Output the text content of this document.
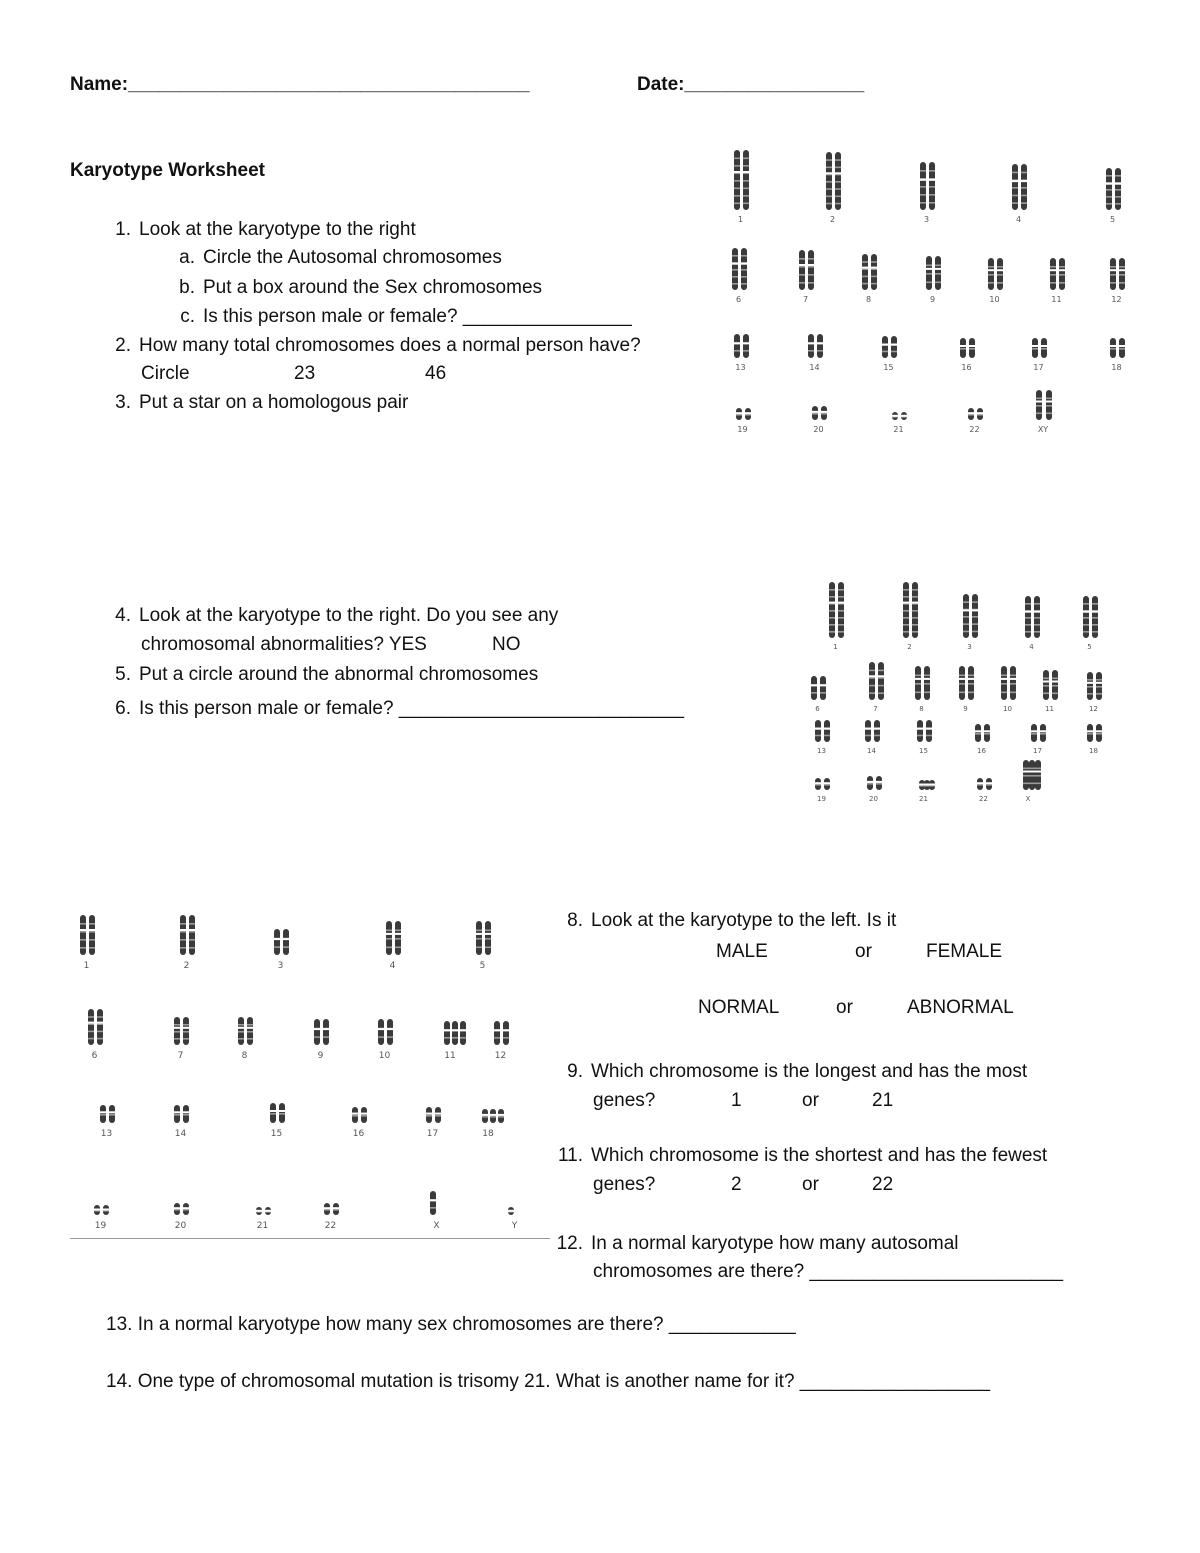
Name:______________________________________	Date:_________________
Karyotype Worksheet
1. Look at the karyotype to the right
a. Circle the Autosomal chromosomes
b. Put a box around the Sex chromosomes
c. Is this person male or female? ________________
2. How many total chromosomes does a normal person have?
Circle	23	46
3. Put a star on a homologous pair
4. Look at the karyotype to the right. Do you see any
chromosomal abnormalities? YES	NO
5. Put a circle around the abnormal chromosomes
6. Is this person male or female? ___________________________
8. Look at the karyotype to the left. Is it
MALE	or	FEMALE
NORMAL	or	ABNORMAL
9. Which chromosome is the longest and has the most
genes?	1	or	21
11. Which chromosome is the shortest and has the fewest
genes?	2	or	22
12. In a normal karyotype how many autosomal
chromosomes are there? ________________________
13. In a normal karyotype how many sex chromosomes are there? ____________
14. One type of chromosomal mutation is trisomy 21. What is another name for it? __________________
1	2	3	4	5
6	7	8	9	10	11	12
13	14	15	16	17	18
19	20	21	22	XY
1	2	3	4	5
6	7	8	9	10	11	12
13	14	15	16	17	18
19	20	21	22	X
1	2	3	4	5
6	7	8	9	10	11	12
13	14	15	16	17	18
19	20	21	22	X	Y
